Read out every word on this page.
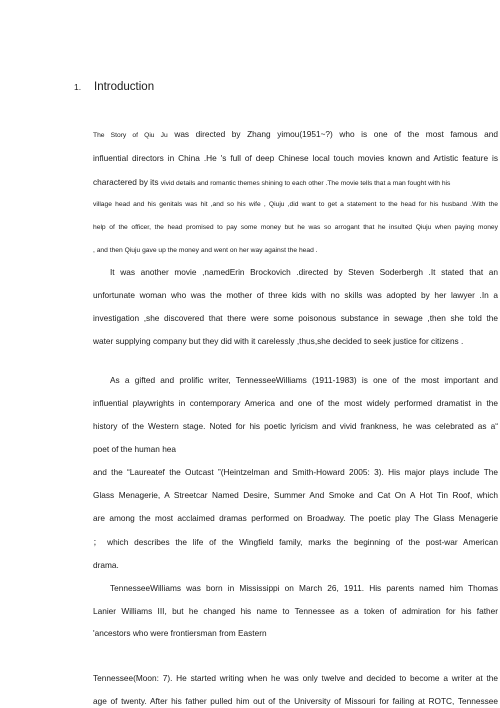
1. Introduction
The Story of Qiu Ju was directed by Zhang yimou(1951~?) who is one of the most famous and
influential directors in China .He 's full of deep Chinese local touch movies known and Artistic feature is
charactered by its vivid details and romantic themes shining to each other .The movie tells that a man fought with his
village head and his genitals was hit ,and so his wife , Qiuju ,did want to get a statement to the head for his husband .With the
help of the officer, the head promised to pay some money but he was so arrogant that he insulted Qiuju when paying money
, and then Qiuju gave up the money and went on her way against the head .
It was another movie ,namedErin Brockovich .directed by Steven Soderbergh .It stated that an
unfortunate woman who was the mother of three kids with no skills was adopted by her lawyer .In a
investigation ,she discovered that there were some poisonous substance in sewage ,then she told the
water supplying company but they did with it carelessly ,thus,she decided to seek justice for citizens .
As a gifted and prolific writer, TennesseeWilliams (1911-1983) is one of the most important and
influential playwrights in contemporary America and one of the most widely performed dramatist in the
history of the Western stage. Noted for his poetic lyricism and vivid frankness, he was celebrated as a“
poet of the human hea
and the “Laureatef the Outcast ”(Heintzelman and Smith-Howard 2005: 3). His major plays include The
Glass Menagerie, A Streetcar Named Desire, Summer And Smoke and Cat On A Hot Tin Roof, which
are among the most acclaimed dramas performed on Broadway. The poetic play The Glass Menagerie
； which describes the life of the Wingfield family, marks the beginning of the post-war American
drama.
TennesseeWilliams was born in Mississippi on March 26, 1911. His parents named him Thomas
Lanier Williams III, but he changed his name to Tennessee as a token of admiration for his father
'ancestors who were frontiersman from Eastern
Tennessee(Moon: 7). He started writing when he was only twelve and decided to become a writer at the
age of twenty. After his father pulled him out of the University of Missouri for failing at ROTC, Tennessee
